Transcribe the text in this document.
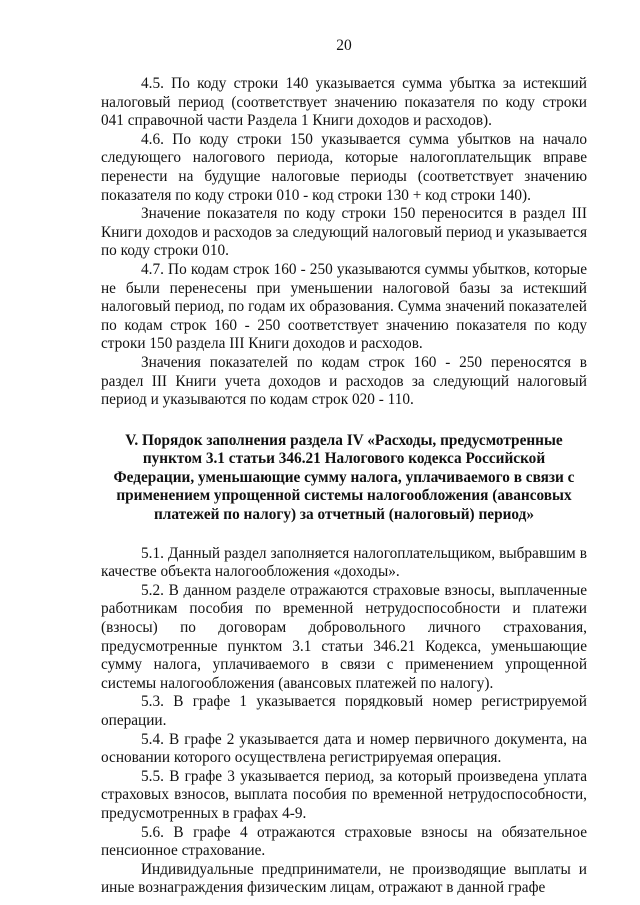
20

4.5. По коду строки 140 указывается сумма убытка за истекший налоговый период (соответствует значению показателя по коду строки 041 справочной части Раздела 1 Книги доходов и расходов).

4.6. По коду строки 150 указывается сумма убытков на начало следующего налогового периода, которые налогоплательщик вправе перенести на будущие налоговые периоды (соответствует значению показателя по коду строки 010 - код строки 130 + код строки 140).

Значение показателя по коду строки 150 переносится в раздел III Книги доходов и расходов за следующий налоговый период и указывается по коду строки 010.

4.7. По кодам строк 160 - 250 указываются суммы убытков, которые не были перенесены при уменьшении налоговой базы за истекший налоговый период, по годам их образования. Сумма значений показателей по кодам строк 160 - 250 соответствует значению показателя по коду строки 150 раздела III Книги доходов и расходов.

Значения показателей по кодам строк 160 - 250 переносятся в раздел III Книги учета доходов и расходов за следующий налоговый период и указываются по кодам строк 020 - 110.

V. Порядок заполнения раздела IV «Расходы, предусмотренные пунктом 3.1 статьи 346.21 Налогового кодекса Российской Федерации, уменьшающие сумму налога, уплачиваемого в связи с применением упрощенной системы налогообложения (авансовых платежей по налогу) за отчетный (налоговый) период»

5.1. Данный раздел заполняется налогоплательщиком, выбравшим в качестве объекта налогообложения «доходы».

5.2. В данном разделе отражаются страховые взносы, выплаченные работникам пособия по временной нетрудоспособности и платежи (взносы) по договорам добровольного личного страхования, предусмотренные пунктом 3.1 статьи 346.21 Кодекса, уменьшающие сумму налога, уплачиваемого в связи с применением упрощенной системы налогообложения (авансовых платежей по налогу).

5.3. В графе 1 указывается порядковый номер регистрируемой операции.

5.4. В графе 2 указывается дата и номер первичного документа, на основании которого осуществлена регистрируемая операция.

5.5. В графе 3 указывается период, за который произведена уплата страховых взносов, выплата пособия по временной нетрудоспособности, предусмотренных в графах 4-9.

5.6. В графе 4 отражаются страховые взносы на обязательное пенсионное страхование.

Индивидуальные предприниматели, не производящие выплаты и иные вознаграждения физическим лицам, отражают в данной графе
